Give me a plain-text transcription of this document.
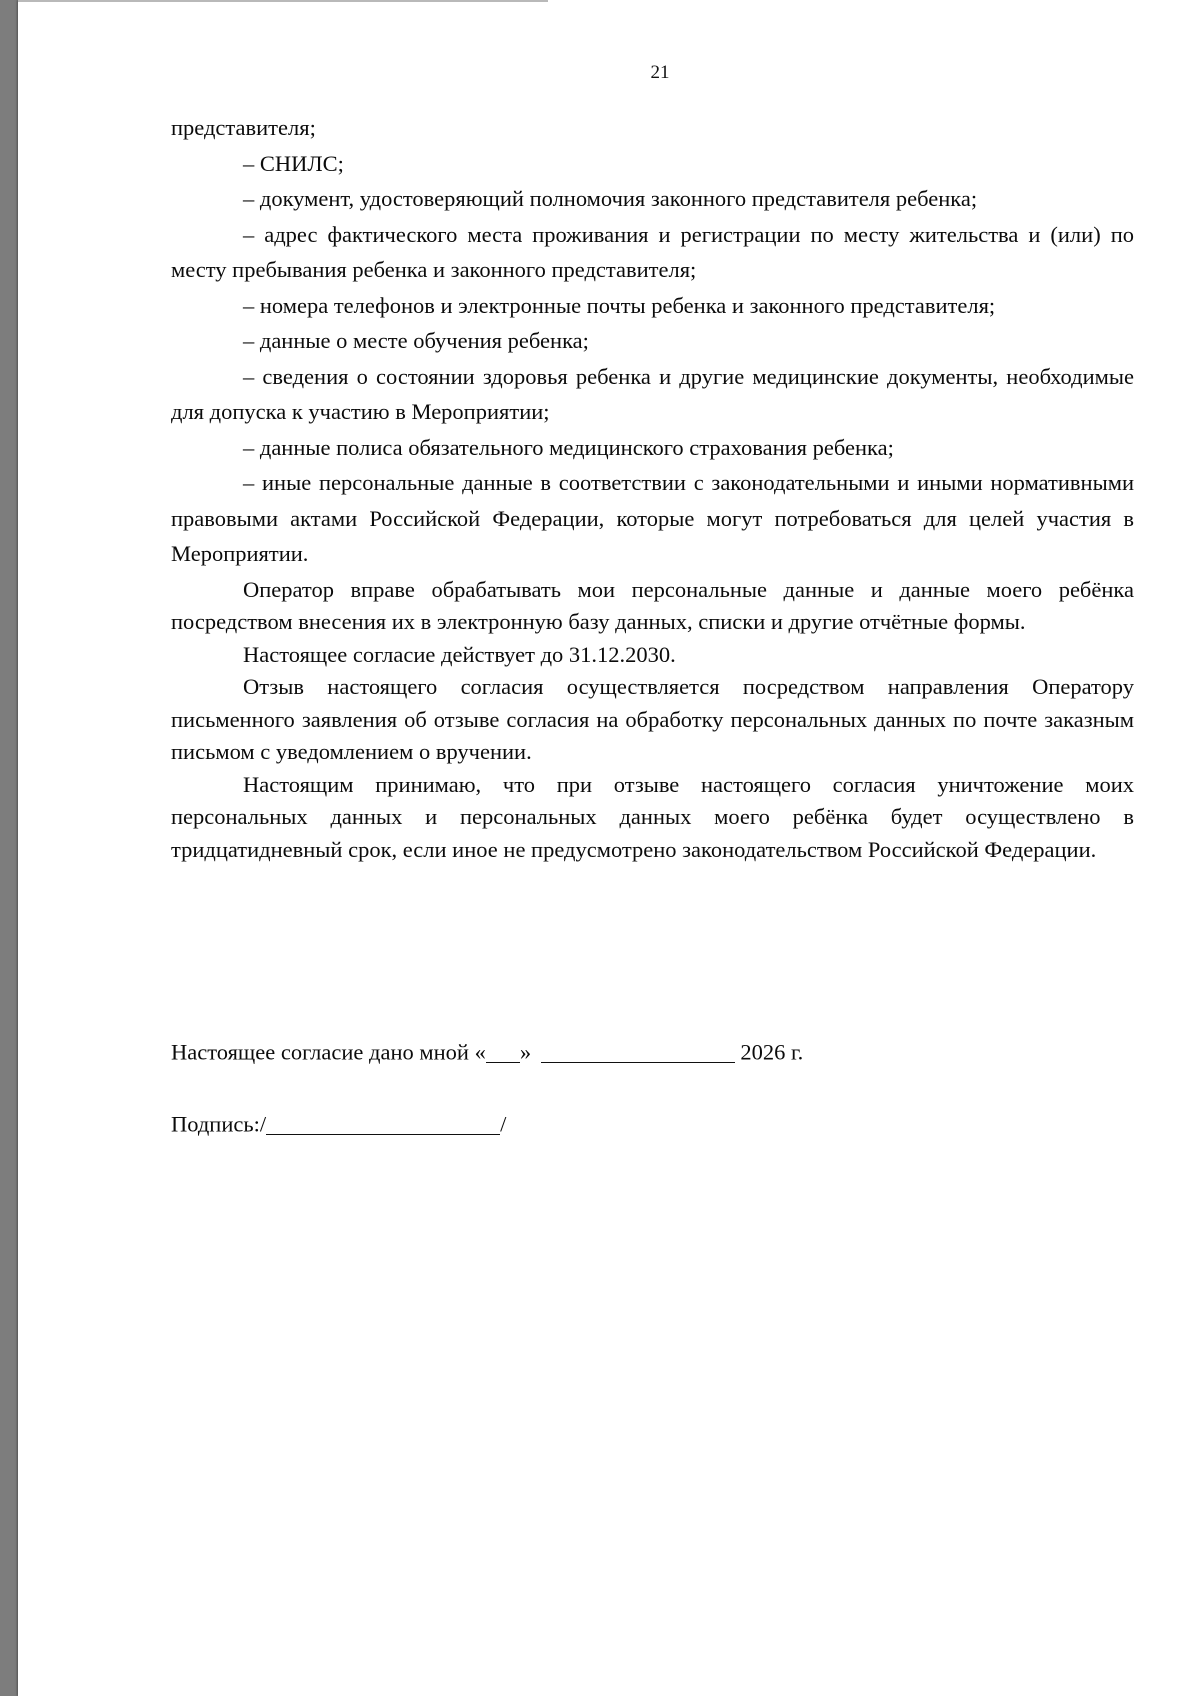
21

представителя;

– СНИЛС;

– документ, удостоверяющий полномочия законного представителя ребенка;

– адрес фактического места проживания и регистрации по месту жительства и (или) по месту пребывания ребенка и законного представителя;

– номера телефонов и электронные почты ребенка и законного представителя;

– данные о месте обучения ребенка;

– сведения о состоянии здоровья ребенка и другие медицинские документы, необходимые для допуска к участию в Мероприятии;

– данные полиса обязательного медицинского страхования ребенка;

– иные персональные данные в соответствии с законодательными и иными нормативными правовыми актами Российской Федерации, которые могут потребоваться для целей участия в Мероприятии.

Оператор вправе обрабатывать мои персональные данные и данные моего ребёнка посредством внесения их в электронную базу данных, списки и другие отчётные формы.

Настоящее согласие действует до 31.12.2030.

Отзыв настоящего согласия осуществляется посредством направления Оператору письменного заявления об отзыве согласия на обработку персональных данных по почте заказным письмом с уведомлением о вручении.

Настоящим принимаю, что при отзыве настоящего согласия уничтожение моих персональных данных и персональных данных моего ребёнка будет осуществлено в тридцатидневный срок, если иное не предусмотрено законодательством Российской Федерации.

Настоящее согласие дано мной « »	2026 г.
Подпись:/	/
